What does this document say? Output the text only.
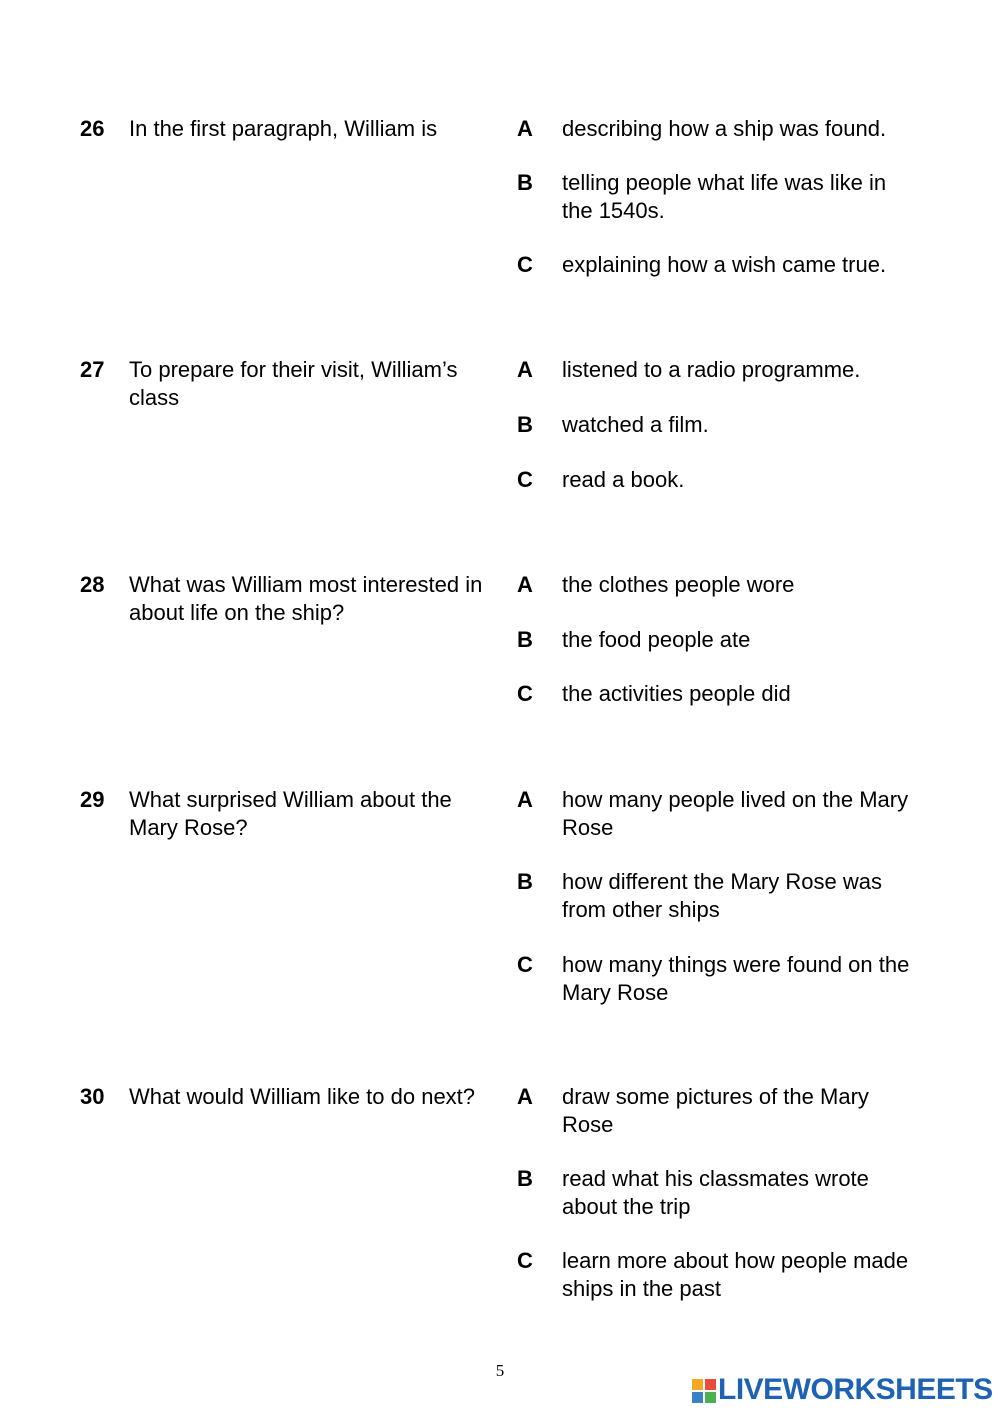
26 In the first paragraph, William is	A describing how a ship was found.
B telling people what life was like in the 1540s.
C explaining how a wish came true.
27 To prepare for their visit, William’s class
A listened to a radio programme.
B watched a film.
C read a book.
28 What was William most interested in about life on the ship?
A the clothes people wore
B the food people ate
C the activities people did
29 What surprised William about the Mary Rose?
A how many people lived on the Mary Rose
B how different the Mary Rose was from other ships
C how many things were found on the Mary Rose
30 What would William like to do next?	A draw some pictures of the Mary Rose
B read what his classmates wrote about the trip
C learn more about how people made ships in the past
5
LIVEWORKSHEETS
